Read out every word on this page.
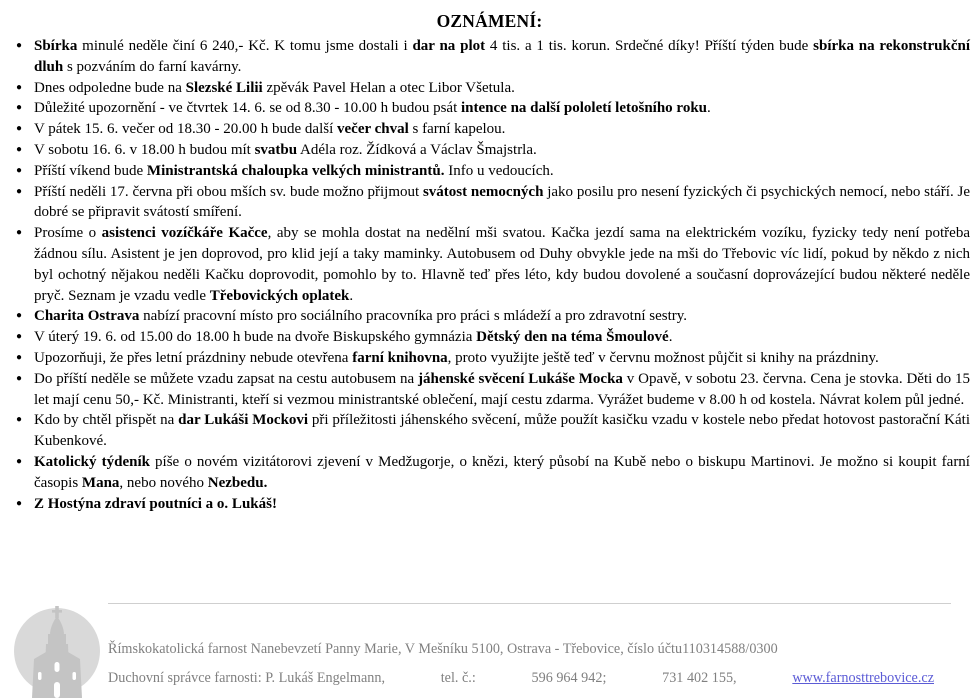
OZNÁMENÍ:
● Sbírka minulé neděle činí 6 240,- Kč. K tomu jsme dostali i dar na plot 4 tis. a 1 tis. korun. Srdečné díky! Příští týden bude sbírka na rekonstrukční dluh s pozváním do farní kavárny.
● Dnes odpoledne bude na Slezské Lilii zpěvák Pavel Helan a otec Libor Všetula.
● Důležité upozornění - ve čtvrtek 14. 6. se od 8.30 - 10.00 h budou psát intence na další pololetí letošního roku.
● V pátek 15. 6. večer od 18.30 - 20.00 h bude další večer chval s farní kapelou.
● V sobotu 16. 6. v 18.00 h budou mít svatbu Adéla roz. Žídková a Václav Šmajstrla.
● Příští víkend bude Ministrantská chaloupka velkých ministrantů. Info u vedoucích.
● Příští neděli 17. června při obou mších sv. bude možno přijmout svátost nemocných jako posilu pro nesení fyzických či psychických nemocí, nebo stáří. Je dobré se připravit svátostí smíření.
● Prosíme o asistenci vozíčkáře Kačce, aby se mohla dostat na nedělní mši svatou. Kačka jezdí sama na elektrickém vozíku, fyzicky tedy není potřeba žádnou sílu. Asistent je jen doprovod, pro klid její a taky maminky. Autobusem od Duhy obvykle jede na mši do Třebovic víc lidí, pokud by někdo z nich byl ochotný nějakou neděli Kačku doprovodit, pomohlo by to. Hlavně teď přes léto, kdy budou dovolené a současní doprovázející budou některé neděle pryč. Seznam je vzadu vedle Třebovických oplatek.
● Charita Ostrava nabízí pracovní místo pro sociálního pracovníka pro práci s mládeží a pro zdravotní sestry.
● V úterý 19. 6. od 15.00 do 18.00 h bude na dvoře Biskupského gymnázia Dětský den na téma Šmoulové.
● Upozorňuji, že přes letní prázdniny nebude otevřena farní knihovna, proto využijte ještě teď v červnu možnost půjčit si knihy na prázdniny.
● Do příští neděle se můžete vzadu zapsat na cestu autobusem na jáhenské svěcení Lukáše Mocka v Opavě, v sobotu 23. června. Cena je stovka. Děti do 15 let mají cenu 50,- Kč. Ministranti, kteří si vezmou ministrantské oblečení, mají cestu zdarma. Vyrážet budeme v 8.00 h od kostela. Návrat kolem půl jedné.
● Kdo by chtěl přispět na dar Lukáši Mockovi při příležitosti jáhenského svěcení, může použít kasičku vzadu v kostele nebo předat hotovost pastorační Káti Kubenkové.
● Katolický týdeník píše o novém vizitátorovi zjevení v Medžugorje, o knězi, který působí na Kubě nebo o biskupu Martinovi. Je možno si koupit farní časopis Mana, nebo nového Nezbedu.
● Z Hostýna zdraví poutníci a o. Lukáš!
Římskokatolická farnost Nanebevzetí Panny Marie, V Mešníku 5100, Ostrava - Třebovice, číslo účtu110314588/0300
Duchovní správce farnosti: P. Lukáš Engelmann,	tel. č.:	596 964 942;	731 402 155,	www.farnosttrebovice.cz
